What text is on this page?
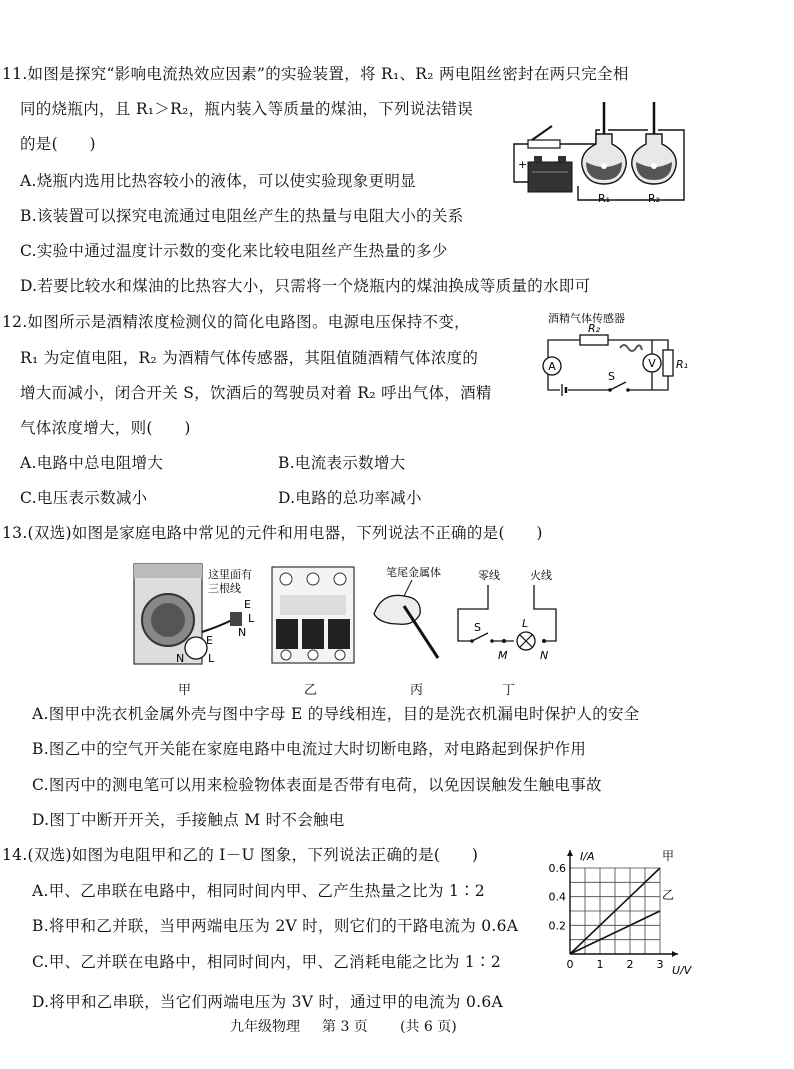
11.如图是探究“影响电流热效应因素”的实验装置，将 R₁、R₂ 两电阻丝密封在两只完全相
同的烧瓶内，且 R₁＞R₂，瓶内装入等质量的煤油，下列说法错误
的是(　　)
A.烧瓶内选用比热容较小的液体，可以使实验现象更明显
B.该装置可以探究电流通过电阻丝产生的热量与电阻大小的关系
C.实验中通过温度计示数的变化来比较电阻丝产生热量的多少
D.若要比较水和煤油的比热容大小，只需将一个烧瓶内的煤油换成等质量的水即可
+
R₁	R₂
12.如图所示是酒精浓度检测仪的简化电路图。电源电压保持不变，
R₁ 为定值电阻，R₂ 为酒精气体传感器，其阻值随酒精气体浓度的
增大而减小，闭合开关 S，饮酒后的驾驶员对着 R₂ 呼出气体，酒精
气体浓度增大，则(　　)
A.电路中总电阻增大	B.电流表示数增大
C.电压表示数减小	D.电路的总功率减小
酒精气体传感器
A
R₂
V R₁
S
13.(双选)如图是家庭电路中常见的元件和用电器，下列说法不正确的是(　　)
这里面有
三根线
E
L
N
E
N L
笔尾金属体	零线	火线
S
M
L
N
甲	乙	丙	丁
A.图甲中洗衣机金属外壳与图中字母 E 的导线相连，目的是洗衣机漏电时保护人的安全
B.图乙中的空气开关能在家庭电路中电流过大时切断电路，对电路起到保护作用
C.图丙中的测电笔可以用来检验物体表面是否带有电荷，以免因误触发生触电事故
D.图丁中断开开关，手接触点 M 时不会触电
14.(双选)如图为电阻甲和乙的 I－U 图象，下列说法正确的是(　　)
A.甲、乙串联在电路中，相同时间内甲、乙产生热量之比为 1∶2
B.将甲和乙并联，当甲两端电压为 2V 时，则它们的干路电流为 0.6A
C.甲、乙并联在电路中，相同时间内，甲、乙消耗电能之比为 1∶2
D.将甲和乙串联，当它们两端电压为 3V 时，通过甲的电流为 0.6A
I/A
U/V
0 1 2 3
0.2
0.4
0.6
甲
乙
九年级物理 第 3 页 (共 6 页)
